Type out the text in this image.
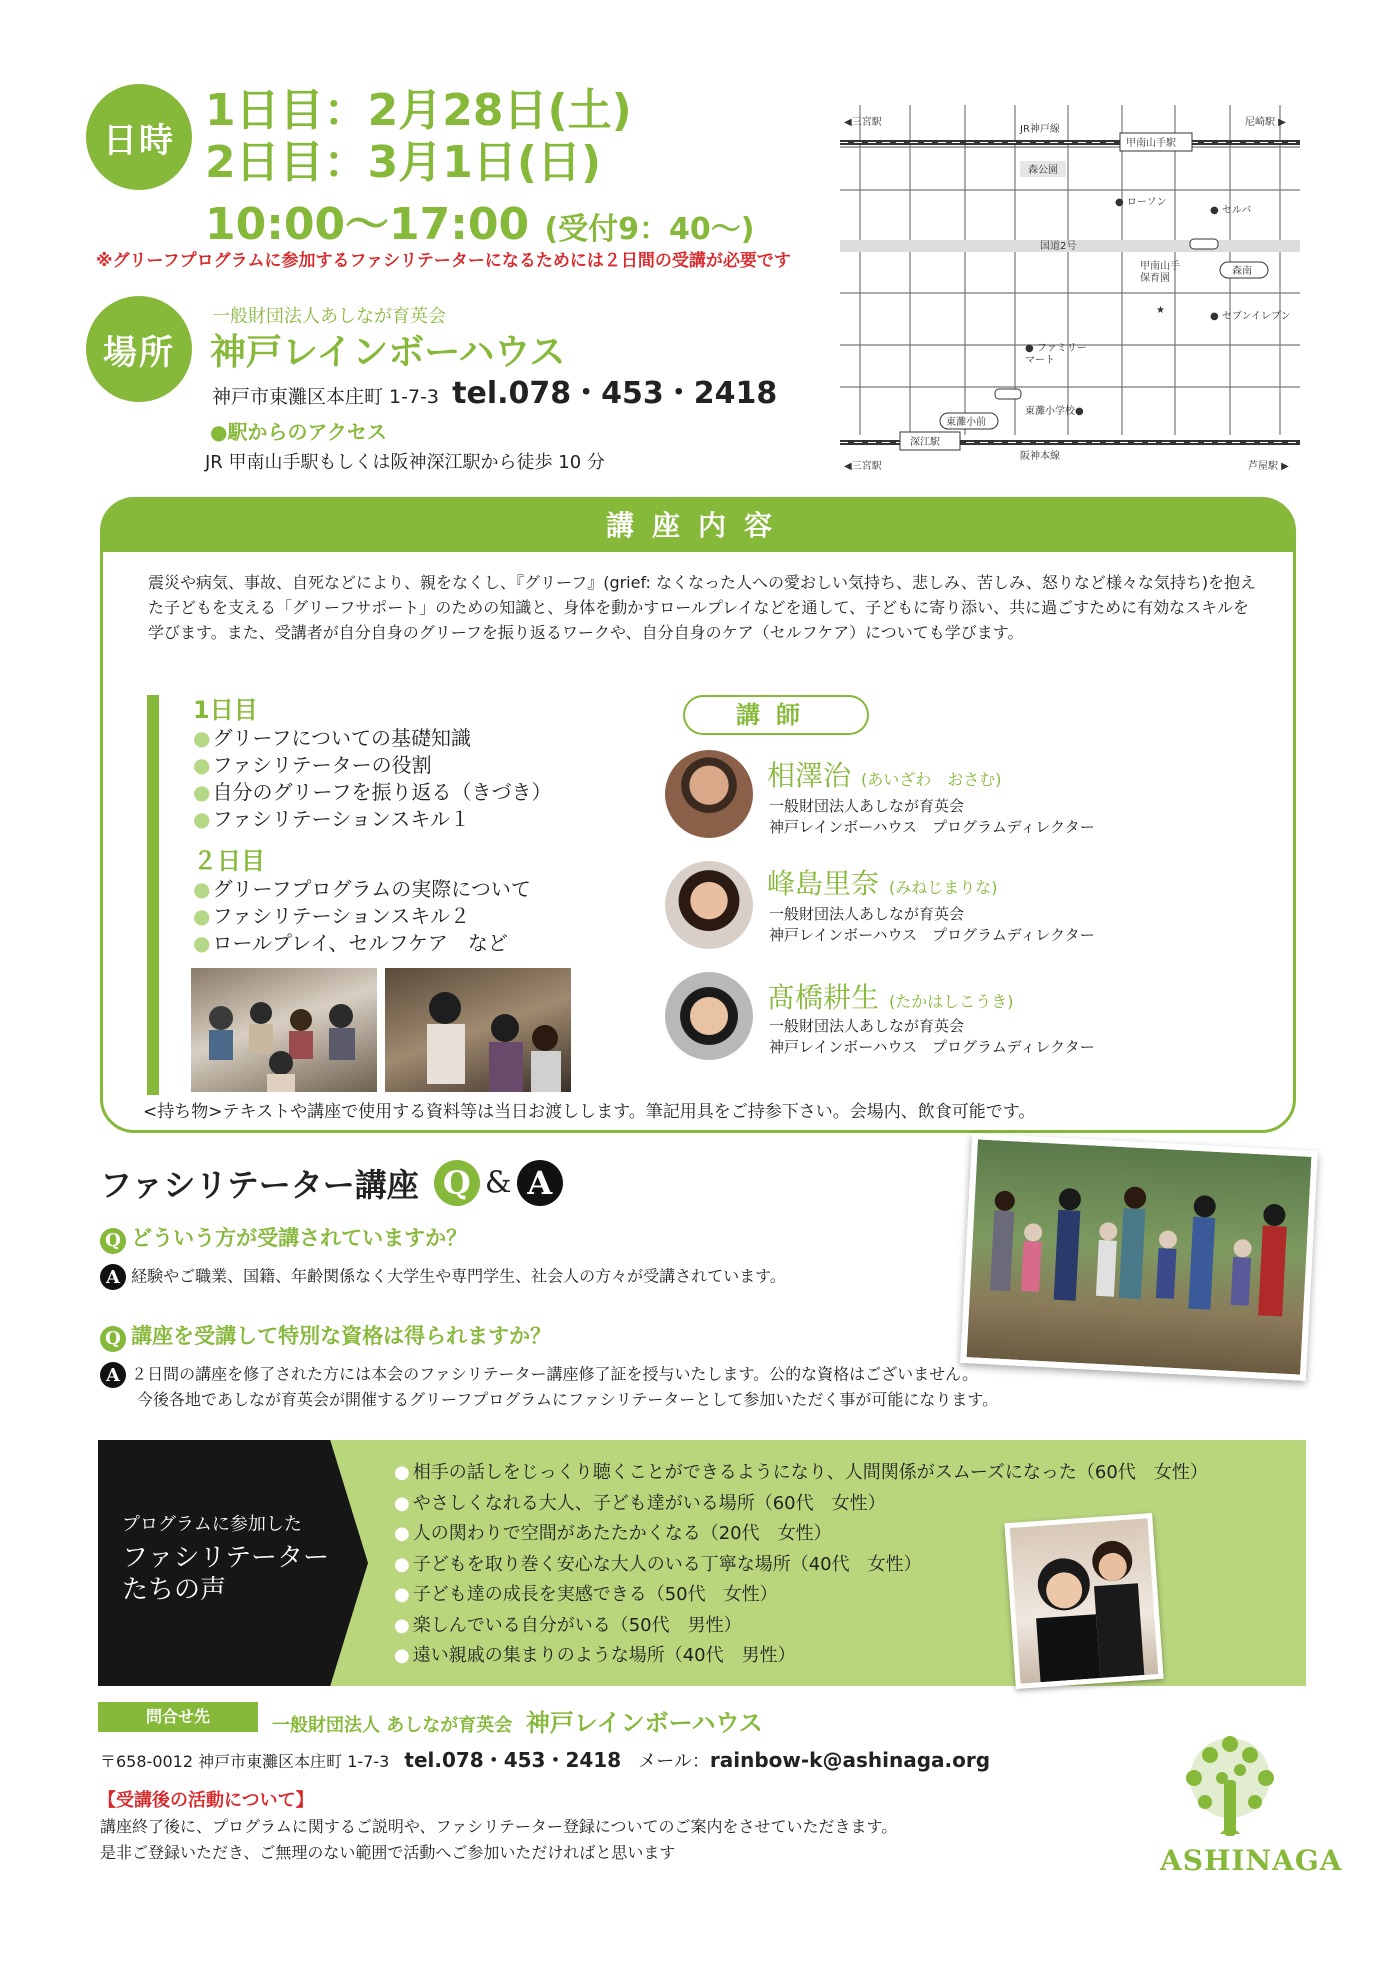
日時
1日目：2月28日(土)
2日目：3月1日(日)
10:00～17:00 (受付9：40～)
※グリーフプログラムに参加するファシリテーターになるためには２日間の受講が必要です
場所
一般財団法人あしなが育英会
神戸レインボーハウス
神戸市東灘区本庄町 1-7-3 tel.078・453・2418
●駅からのアクセス
JR 甲南山手駅もしくは阪神深江駅から徒歩 10 分
◀三宮駅	尼崎駅 ▶
JR神戸線
甲南山手駅
森公園
● ローソン
● セルバ
国道2号
甲南山手保育園
森南
★
● セブンイレブン
● ファミリーマート
東灘小学校●
東灘小前
深江駅
阪神本線
◀三宮駅	芦屋駅 ▶
講座内容
震災や病気、事故、自死などにより、親をなくし、『グリーフ』(grief: なくなった人への愛おしい気持ち、悲しみ、苦しみ、怒りなど様々な気持ち)を抱えた子どもを支える「グリーフサポート」のための知識と、身体を動かすロールプレイなどを通して、子どもに寄り添い、共に過ごすために有効なスキルを学びます。また、受講者が自分自身のグリーフを振り返るワークや、自分自身のケア（セルフケア）についても学びます。
1日目
● グリーフについての基礎知識
● ファシリテーターの役割
● 自分のグリーフを振り返る（きづき）
● ファシリテーションスキル１
２日目
● グリーフプログラムの実際について
● ファシリテーションスキル２
● ロールプレイ、セルフケア　など
講師
相澤治 (あいざわ　おさむ)
一般財団法人あしなが育英会
神戸レインボーハウス　プログラムディレクター
峰島里奈 (みねじまりな)
一般財団法人あしなが育英会
神戸レインボーハウス　プログラムディレクター
髙橋耕生 (たかはしこうき)
一般財団法人あしなが育英会
神戸レインボーハウス　プログラムディレクター
<持ち物>テキストや講座で使用する資料等は当日お渡しします。筆記用具をご持参下さい。会場内、飲食可能です。
ファシリテーター講座 Q & A
Q どういう方が受講されていますか？
A 経験やご職業、国籍、年齢関係なく大学生や専門学生、社会人の方々が受講されています。
Q 講座を受講して特別な資格は得られますか？
A ２日間の講座を修了された方には本会のファシリテーター講座修了証を授与いたします。公的な資格はございません。
今後各地であしなが育英会が開催するグリーフプログラムにファシリテーターとして参加いただく事が可能になります。
プログラムに参加した
ファシリテーター
たちの声
● 相手の話しをじっくり聴くことができるようになり、人間関係がスムーズになった（60代　女性）
● やさしくなれる大人、子ども達がいる場所（60代　女性）
● 人の関わりで空間があたたかくなる（20代　女性）
● 子どもを取り巻く安心な大人のいる丁寧な場所（40代　女性）
● 子ども達の成長を実感できる（50代　女性）
● 楽しんでいる自分がいる（50代　男性）
● 遠い親戚の集まりのような場所（40代　男性）
問合せ先	一般財団法人 あしなが育英会 神戸レインボーハウス
〒658-0012 神戸市東灘区本庄町 1-7-3 tel.078・453・2418 メール：rainbow-k@ashinaga.org
【受講後の活動について】
講座終了後に、プログラムに関するご説明や、ファシリテーター登録についてのご案内をさせていただきます。
是非ご登録いただき、ご無理のない範囲で活動へご参加いただければと思います	ASHINAGA
